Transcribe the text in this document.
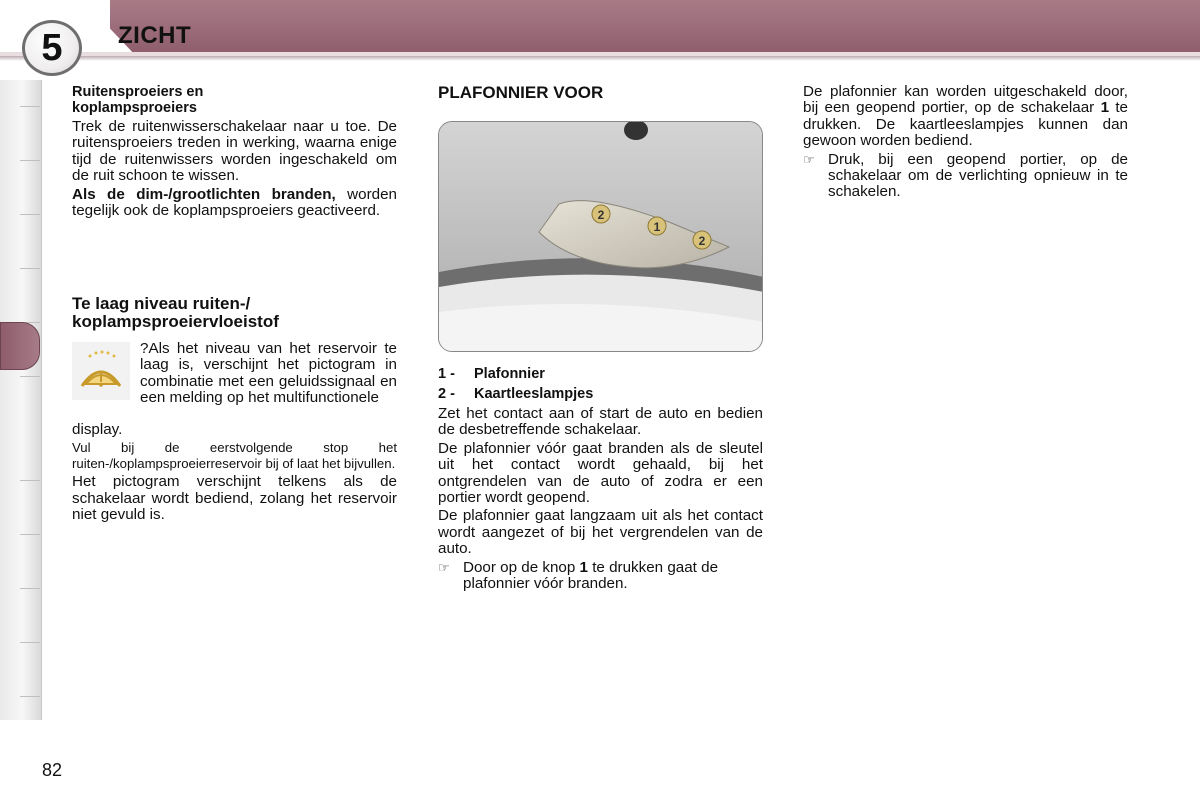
5 ZICHT
Ruitensproeiers en
koplampsproeiers

Trek de ruitenwisserschakelaar naar u toe. De ruitensproeiers treden in werking, waarna enige tijd de ruitenwissers worden ingeschakeld om de ruit schoon te wissen.

Als de dim-/grootlichten branden, worden tegelijk ook de koplampsproeiers geactiveerd.

Te laag niveau ruiten-/
koplampsproeiervloeistof
?Als het niveau van het reservoir te laag is, verschijnt het pictogram in combinatie met een geluidssignaal en een melding op het multifunctionele

display.

Vul bij de eerstvolgende stop het ruiten-/koplampsproeierreservoir bij of laat het bijvullen.

Het pictogram verschijnt telkens als de schakelaar wordt bediend, zolang het reservoir niet gevuld is.

PLAFONNIER VOOR
2
1
2
1 -	Plafonnier
2 -	Kaartleeslampjes

Zet het contact aan of start de auto en bedien de desbetreffende schakelaar.

De plafonnier vóór gaat branden als de sleutel uit het contact wordt gehaald, bij het ontgrendelen van de auto of zodra er een portier wordt geopend.

De plafonnier gaat langzaam uit als het contact wordt aangezet of bij het vergrendelen van de auto.

☞ Door op de knop 1 te drukken gaat de plafonnier vóór branden.

De plafonnier kan worden uitgeschakeld door, bij een geopend portier, op de schakelaar 1 te drukken. De kaartleeslampjes kunnen dan gewoon worden bediend.

☞ Druk, bij een geopend portier, op de schakelaar om de verlichting opnieuw in te schakelen.
82
